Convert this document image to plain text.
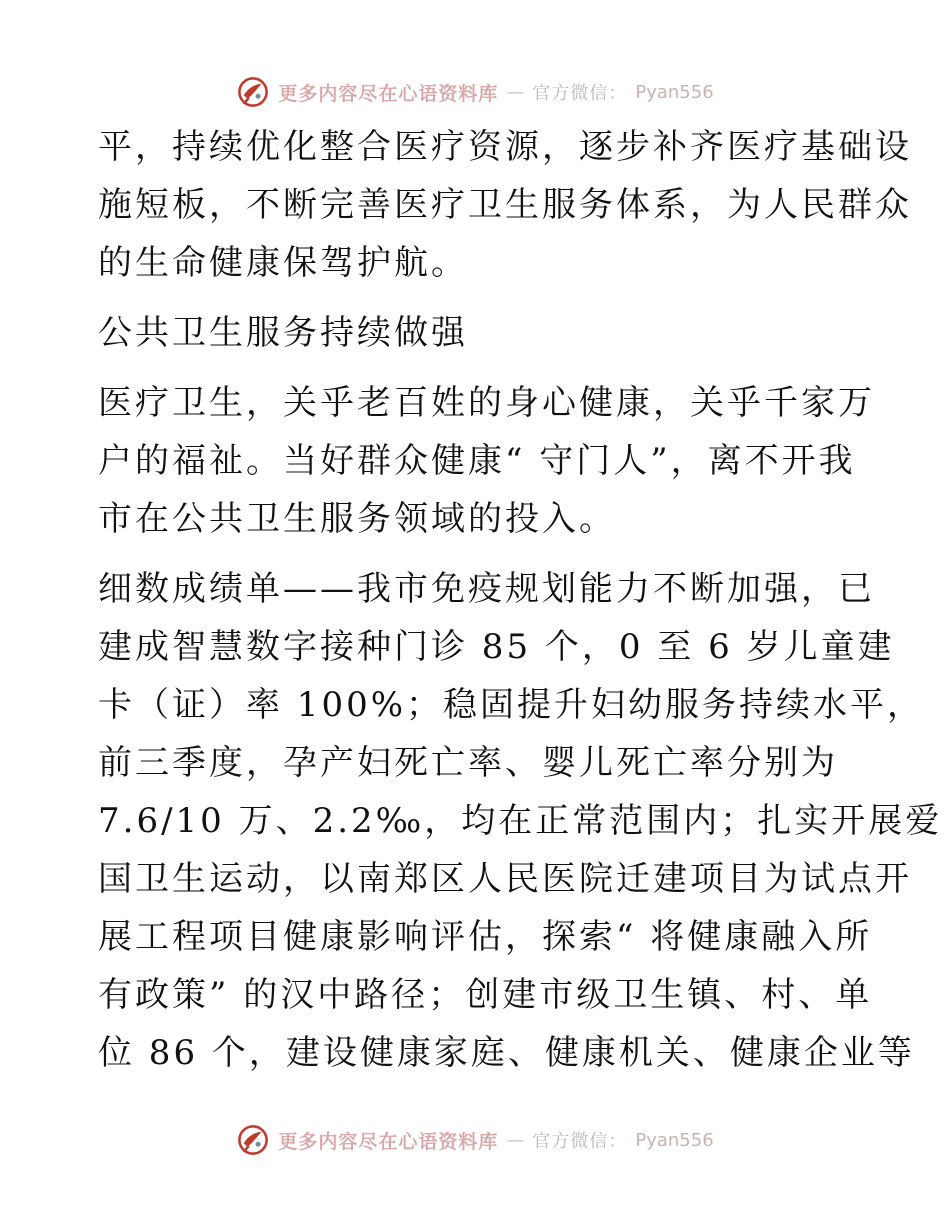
更多内容尽在心语资料库 — 官方微信： Pyan556
平，持续优化整合医疗资源，逐步补齐医疗基础设
施短板，不断完善医疗卫生服务体系，为人民群众
的生命健康保驾护航。
公共卫生服务持续做强
医疗卫生，关乎老百姓的身心健康，关乎千家万
户的福祉。当好群众健康“ 守门人”，离不开我
市在公共卫生服务领域的投入。
细数成绩单——我市免疫规划能力不断加强，已
建成智慧数字接种门诊 85 个，0 至 6 岁儿童建
卡（证）率 100%；稳固提升妇幼服务持续水平，
前三季度，孕产妇死亡率、婴儿死亡率分别为
7.6/10 万、2.2‰，均在正常范围内；扎实开展爱
国卫生运动，以南郑区人民医院迁建项目为试点开
展工程项目健康影响评估，探索“ 将健康融入所
有政策” 的汉中路径；创建市级卫生镇、村、单
位 86 个，建设健康家庭、健康机关、健康企业等
更多内容尽在心语资料库 — 官方微信： Pyan556
